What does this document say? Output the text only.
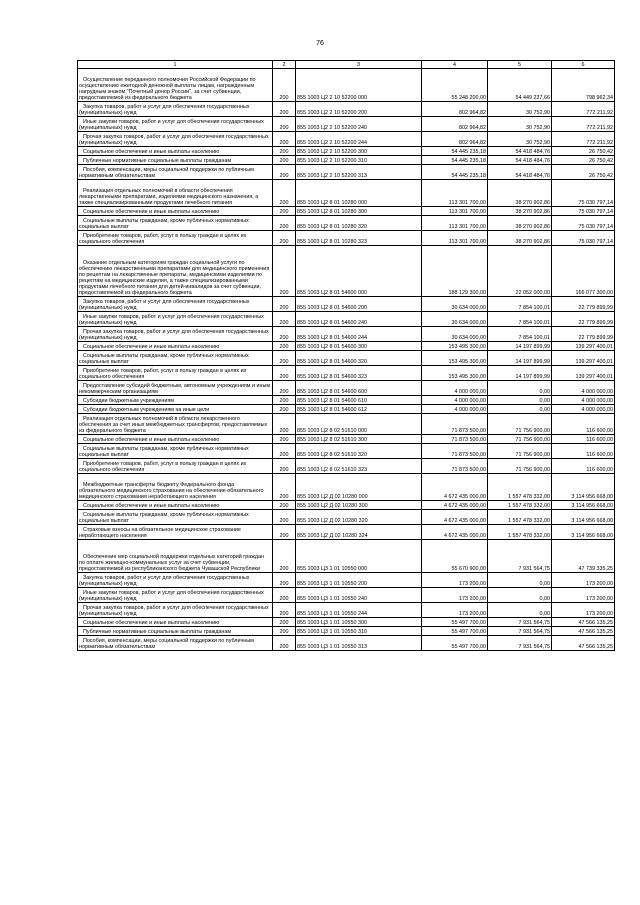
76
1	2	3	4	5	6
Осуществление переданного полномочия Российской Федерации по осуществлению ежегодной денежной выплаты лицам, награжденным нагрудным знаком "Почетный донор России", за счет субвенции, предоставляемой из федерального бюджета	200	855 1003 Ц2 2 10 52200 000	55 248 200,00	54 449 237,66	798 962,34
Закупка товаров, работ и услуг для обеспечения государственных (муниципальных) нужд	200	855 1003 Ц2 2 10 52200 200	802 964,82	30 752,90	772 211,92
Иные закупки товаров, работ и услуг для обеспечения государственных (муниципальных) нужд	200	855 1003 Ц2 2 10 52200 240	802 964,82	30 752,90	772 211,92
Прочая закупка товаров, работ и услуг для обеспечения государственных (муниципальных) нужд	200	855 1003 Ц2 2 10 52200 244	802 964,82	30 752,90	772 211,92
Социальное обеспечение и иные выплаты населению	200	855 1003 Ц2 2 10 52200 300	54 445 235,18	54 418 484,76	26 750,42
Публичные нормативные социальные выплаты гражданам	200	855 1003 Ц2 2 10 52200 310	54 445 235,18	54 418 484,76	26 750,42
Пособия, компенсации, меры социальной поддержки по публичным нормативным обязательствам	200	855 1003 Ц2 2 10 52200 313	54 445 235,18	54 418 484,76	26 750,42
Реализация отдельных полномочий в области обеспечения лекарственными препаратами, изделиями медицинского назначения, а также специализированными продуктами лечебного питания	200	855 1003 Ц2 8 01 10280 000	113 301 700,00	38 270 902,86	75 030 797,14
Социальное обеспечение и иные выплаты населению	200	855 1003 Ц2 8 01 10280 300	113 301 700,00	38 270 902,86	75 030 797,14
Социальные выплаты гражданам, кроме публичных нормативных социальных выплат	200	855 1003 Ц2 8 01 10280 320	113 301 700,00	38 270 902,86	75 030 797,14
Приобретение товаров, работ, услуг в пользу граждан в целях их социального обеспечения	200	855 1003 Ц2 8 01 10280 323	113 301 700,00	38 270 902,86	75 030 797,14
Оказание отдельным категориям граждан социальной услуги по обеспечению лекарственными препаратами для медицинского применения по рецептам на лекарственные препараты, медицинскими изделиями по рецептам на медицинские изделия, а также специализированными продуктами лечебного питания для детей-инвалидов за счет субвенции, предоставляемой из федерального бюджета	200	855 1003 Ц2 8 01 54600 000	188 129 300,00	22 052 000,00	166 077 300,00
Закупка товаров, работ и услуг для обеспечения государственных (муниципальных) нужд	200	855 1003 Ц2 8 01 54600 200	30 634 000,00	7 854 100,01	22 779 899,99
Иные закупки товаров, работ и услуг для обеспечения государственных (муниципальных) нужд	200	855 1003 Ц2 8 01 54600 240	30 634 000,00	7 854 100,01	22 779 899,99
Прочая закупка товаров, работ и услуг для обеспечения государственных (муниципальных) нужд	200	855 1003 Ц2 8 01 54600 244	30 634 000,00	7 854 100,01	22 779 899,99
Социальное обеспечение и иные выплаты населению	200	855 1003 Ц2 8 01 54600 300	153 495 300,00	14 197 899,99	139 297 400,01
Социальные выплаты гражданам, кроме публичных нормативных социальных выплат	200	855 1003 Ц2 8 01 54600 320	153 495 300,00	14 197 899,99	139 297 400,01
Приобретение товаров, работ, услуг в пользу граждан в целях их социального обеспечения	200	855 1003 Ц2 8 01 54600 323	153 495 300,00	14 197 899,99	139 297 400,01
Предоставление субсидий бюджетным, автономным учреждениям и иным некоммерческим организациям	200	855 1003 Ц2 8 01 54600 600	4 000 000,00	0,00	4 000 000,00
Субсидии бюджетным учреждениям	200	855 1003 Ц2 8 01 54600 610	4 000 000,00	0,00	4 000 000,00
Субсидии бюджетным учреждениям на иные цели	200	855 1003 Ц2 8 01 54600 612	4 000 000,00	0,00	4 000 000,00
Реализация отдельных полномочий в области лекарственного обеспечения за счет иных межбюджетных трансфертов, предоставляемых из федерального бюджета	200	855 1003 Ц2 8 02 51610 000	71 873 500,00	71 756 900,00	116 600,00
Социальное обеспечение и иные выплаты населению	200	855 1003 Ц2 8 02 51610 300	71 873 500,00	71 756 900,00	116 600,00
Социальные выплаты гражданам, кроме публичных нормативных социальных выплат	200	855 1003 Ц2 8 02 51610 320	71 873 500,00	71 756 900,00	116 600,00
Приобретение товаров, работ, услуг в пользу граждан в целях их социального обеспечения	200	855 1003 Ц2 8 02 51610 323	71 873 500,00	71 756 900,00	116 600,00
Межбюджетные трансферты бюджету Федерального фонда обязательного медицинского страхования на обеспечение обязательного медицинского страхования неработающего населения	200	855 1003 Ц2 Д 02 10280 000	4 672 435 000,00	1 557 478 332,00	3 114 956 668,00
Социальное обеспечение и иные выплаты населению	200	855 1003 Ц2 Д 02 10280 300	4 672 435 000,00	1 557 478 332,00	3 114 956 668,00
Социальные выплаты гражданам, кроме публичных нормативных социальных выплат	200	855 1003 Ц2 Д 02 10280 320	4 672 435 000,00	1 557 478 332,00	3 114 956 668,00
Страховые взносы на обязательное медицинское страхование неработающего населения	200	855 1003 Ц2 Д 02 10280 324	4 672 435 000,00	1 557 478 332,00	3 114 956 668,00
Обеспечение мер социальной поддержки отдельных категорий граждан по оплате жилищно-коммунальных услуг за счет субвенции, предоставляемой из республиканского бюджета Чувашской Республики	200	855 1003 Ц3 1 01 10550 000	55 670 900,00	7 931 564,75	47 739 335,25
Закупка товаров, работ и услуг для обеспечения государственных (муниципальных) нужд	200	855 1003 Ц3 1 01 10550 200	173 200,00	0,00	173 200,00
Иные закупки товаров, работ и услуг для обеспечения государственных (муниципальных) нужд	200	855 1003 Ц3 1 01 10550 240	173 200,00	0,00	173 200,00
Прочая закупка товаров, работ и услуг для обеспечения государственных (муниципальных) нужд	200	855 1003 Ц3 1 01 10550 244	173 200,00	0,00	173 200,00
Социальное обеспечение и иные выплаты населению	200	855 1003 Ц3 1 01 10550 300	55 497 700,00	7 931 564,75	47 566 135,25
Публичные нормативные социальные выплаты гражданам	200	855 1003 Ц3 1 01 10550 310	55 497 700,00	7 931 564,75	47 566 135,25
Пособия, компенсации, меры социальной поддержки по публичным нормативным обязательствам	200	855 1003 Ц3 1 01 10550 313	55 497 700,00	7 931 564,75	47 566 135,25
